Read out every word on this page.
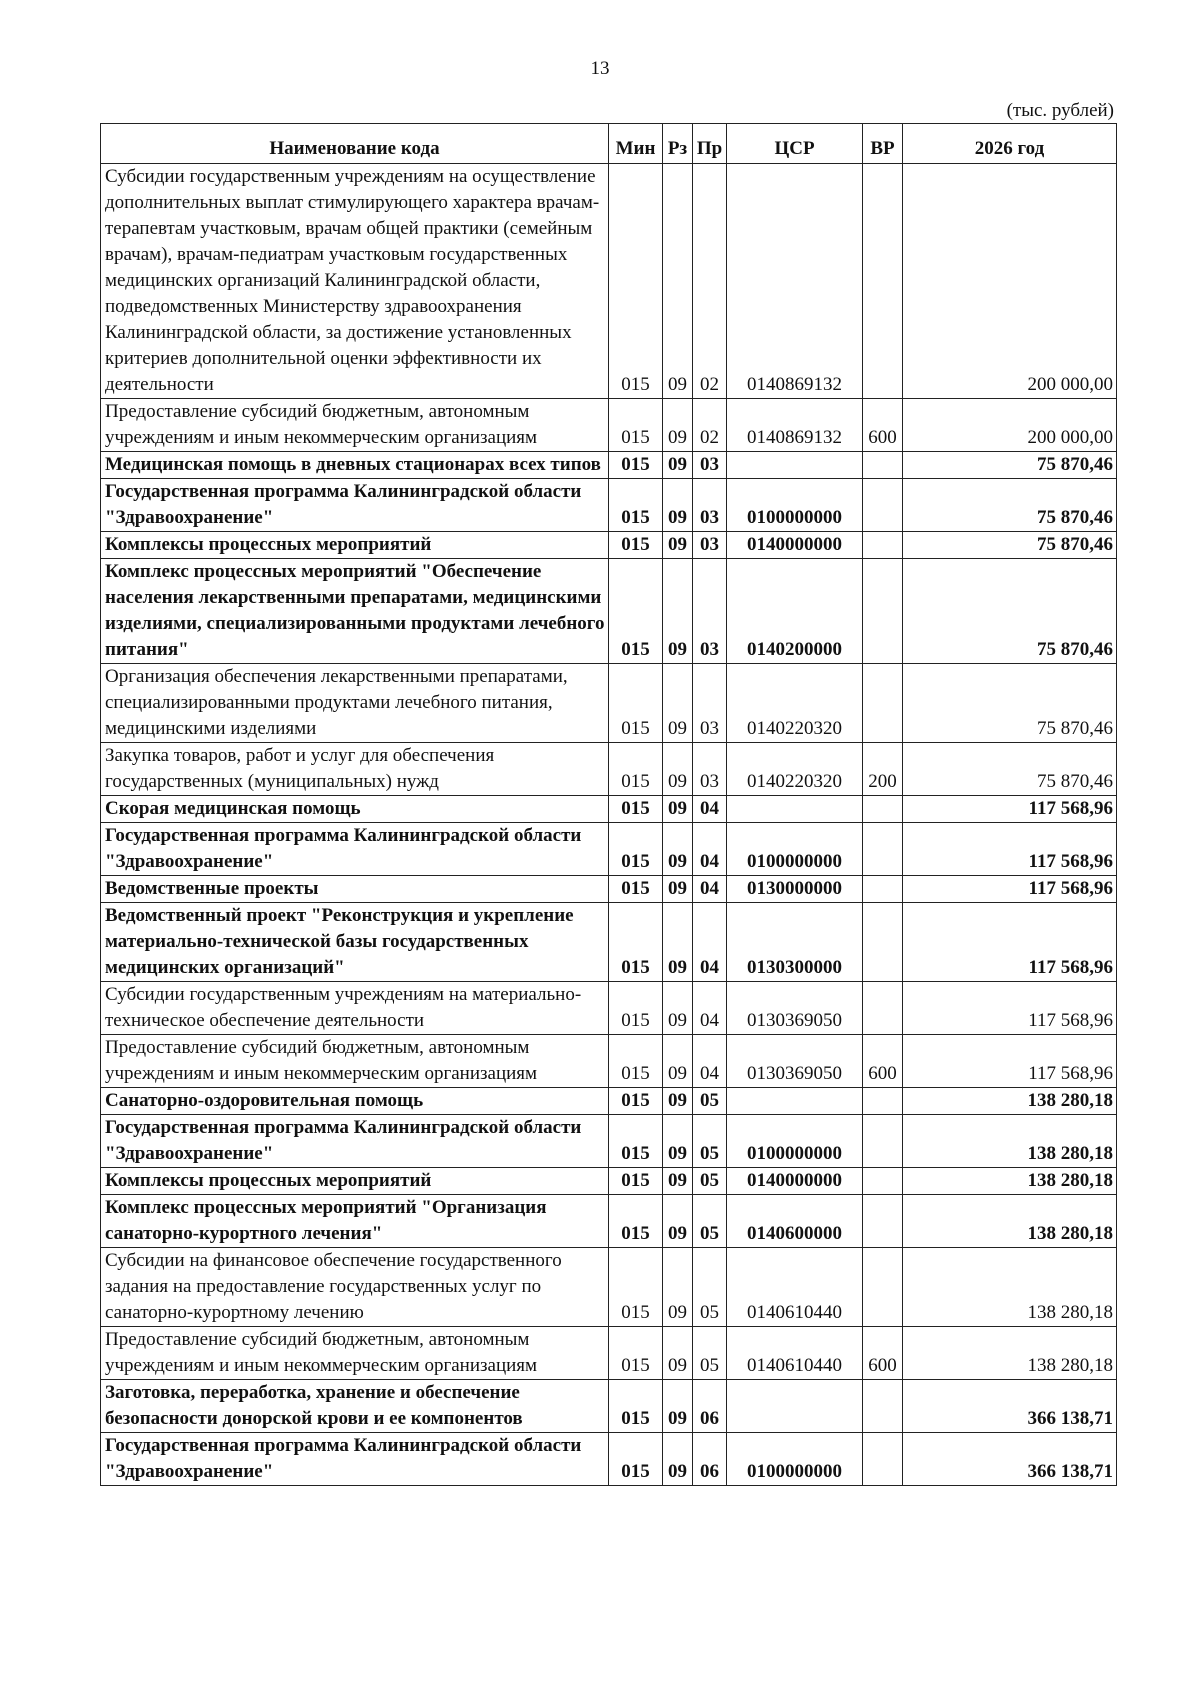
13
(тыс. рублей)
Наименование кода	Мин	Рз	Пр	ЦСР	ВР	2026 год
Субсидии государственным учреждениям на осуществление дополнительных выплат стимулирующего характера врачам-терапевтам участковым, врачам общей практики (семейным врачам), врачам-педиатрам участковым государственных медицинских организаций Калининградской области, подведомственных Министерству здравоохранения Калининградской области, за достижение установленных критериев дополнительной оценки эффективности их деятельности	015	09	02	0140869132		200 000,00
Предоставление субсидий бюджетным, автономным учреждениям и иным некоммерческим организациям	015	09	02	0140869132	600	200 000,00
Медицинская помощь в дневных стационарах всех типов	015	09	03			75 870,46
Государственная программа Калининградской области "Здравоохранение"	015	09	03	0100000000		75 870,46
Комплексы процессных мероприятий	015	09	03	0140000000		75 870,46
Комплекс процессных мероприятий "Обеспечение населения лекарственными препаратами, медицинскими изделиями, специализированными продуктами лечебного питания"	015	09	03	0140200000		75 870,46
Организация обеспечения лекарственными препаратами, специализированными продуктами лечебного питания, медицинскими изделиями	015	09	03	0140220320		75 870,46
Закупка товаров, работ и услуг для обеспечения государственных (муниципальных) нужд	015	09	03	0140220320	200	75 870,46
Скорая медицинская помощь	015	09	04			117 568,96
Государственная программа Калининградской области "Здравоохранение"	015	09	04	0100000000		117 568,96
Ведомственные проекты	015	09	04	0130000000		117 568,96
Ведомственный проект "Реконструкция и укрепление материально-технической базы государственных медицинских организаций"	015	09	04	0130300000		117 568,96
Субсидии государственным учреждениям на материально-техническое обеспечение деятельности	015	09	04	0130369050		117 568,96
Предоставление субсидий бюджетным, автономным учреждениям и иным некоммерческим организациям	015	09	04	0130369050	600	117 568,96
Санаторно-оздоровительная помощь	015	09	05			138 280,18
Государственная программа Калининградской области "Здравоохранение"	015	09	05	0100000000		138 280,18
Комплексы процессных мероприятий	015	09	05	0140000000		138 280,18
Комплекс процессных мероприятий "Организация санаторно-курортного лечения"	015	09	05	0140600000		138 280,18
Субсидии на финансовое обеспечение государственного задания на предоставление государственных услуг по санаторно-курортному лечению	015	09	05	0140610440		138 280,18
Предоставление субсидий бюджетным, автономным учреждениям и иным некоммерческим организациям	015	09	05	0140610440	600	138 280,18
Заготовка, переработка, хранение и обеспечение безопасности донорской крови и ее компонентов	015	09	06			366 138,71
Государственная программа Калининградской области "Здравоохранение"	015	09	06	0100000000		366 138,71
